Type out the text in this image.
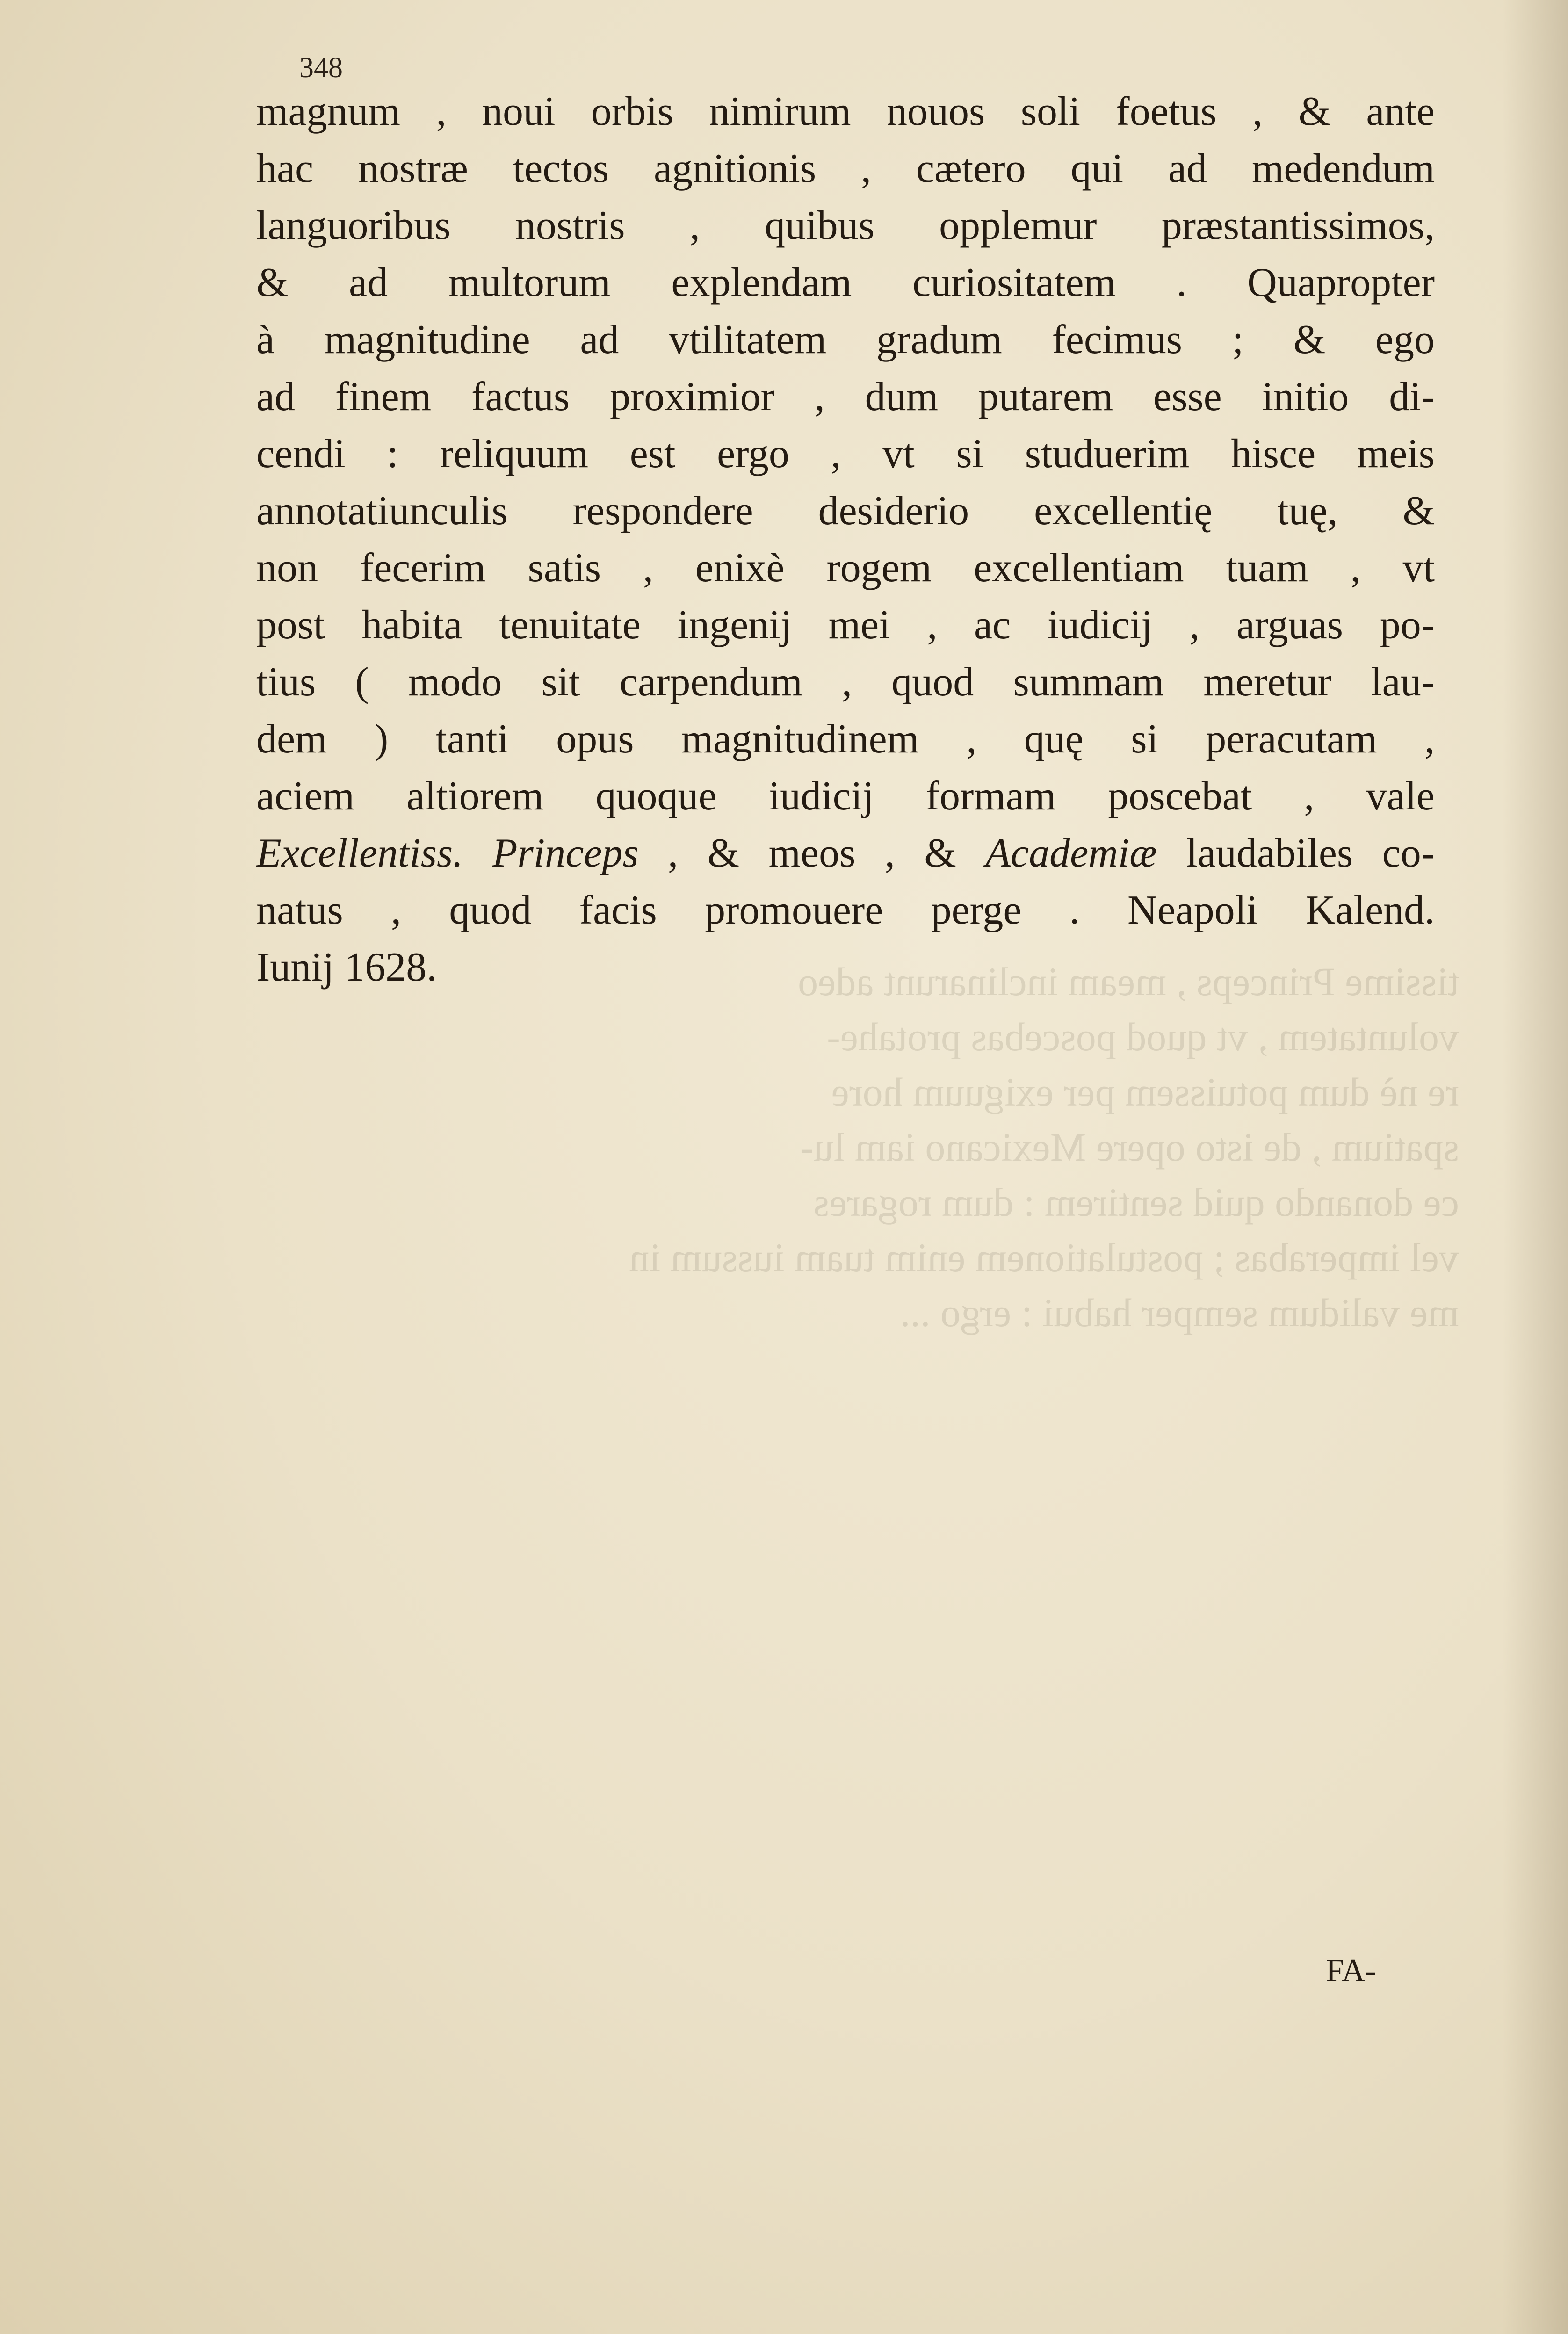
tissime Princeps , meam inclinarunt adeo
voluntatem , vt quod poscebas protahe-
re nè dum potuissem per exiguum hore
spatium , de isto opere Mexicano iam lu-
ce donando quid sentirem : dum rogares
vel imperabas ; postulationem enim tuam iussum in
me validum semper habui : ergo ...
348
magnum , noui orbis nimirum nouos soli foetus , & ante
hac nostræ tectos agnitionis , cætero qui ad medendum
languoribus nostris , quibus opplemur præstantissimos,
& ad multorum explendam curiositatem . Quapropter
à magnitudine ad vtilitatem gradum fecimus ; & ego
ad finem factus proximior , dum putarem esse initio di-
cendi : reliquum est ergo , vt si studuerim hisce meis
annotatiunculis respondere desiderio excellentię tuę, &
non fecerim satis , enixè rogem excellentiam tuam , vt
post habita tenuitate ingenij mei , ac iudicij , arguas po-
tius ( modo sit carpendum , quod summam meretur lau-
dem ) tanti opus magnitudinem , quę si peracutam ,
aciem altiorem quoque iudicij formam poscebat , vale
Excellentiss. Princeps , & meos , & Academiæ laudabiles co-
natus , quod facis promouere perge . Neapoli Kalend.
Iunij 1628.
FA-
